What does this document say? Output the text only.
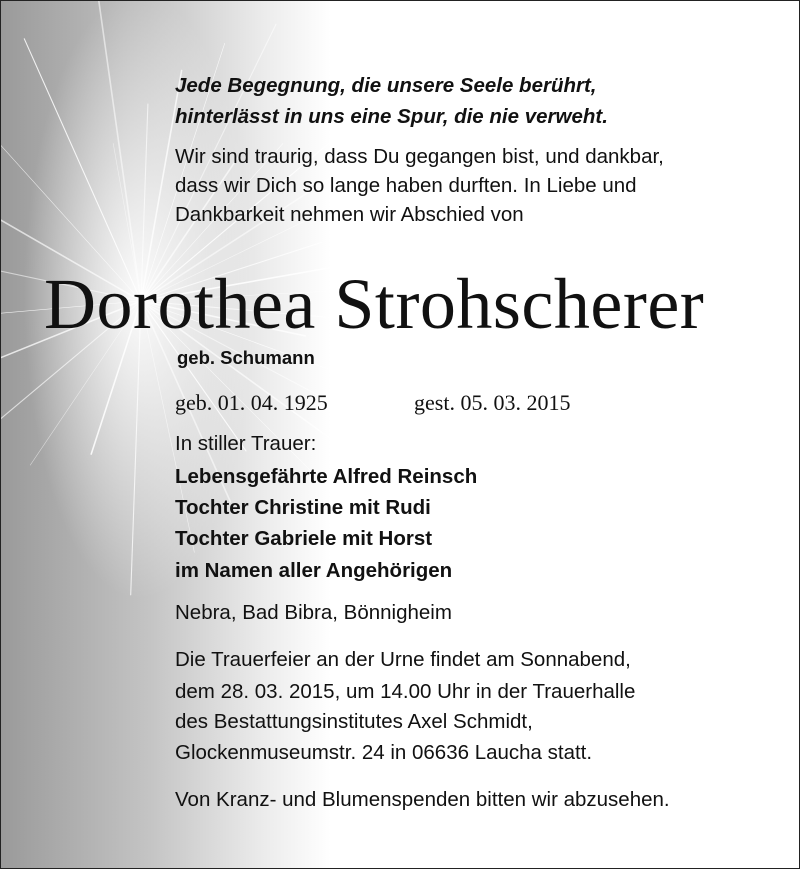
Jede Begegnung, die unsere Seele berührt,
hinterlässt in uns eine Spur, die nie verweht.
Wir sind traurig, dass Du gegangen bist, und dankbar,
dass wir Dich so lange haben durften. In Liebe und
Dankbarkeit nehmen wir Abschied von
Dorothea Strohscherer
geb. Schumann
geb. 01. 04. 1925	gest. 05. 03. 2015
In stiller Trauer:
Lebensgefährte Alfred Reinsch
Tochter Christine mit Rudi
Tochter Gabriele mit Horst
im Namen aller Angehörigen
Nebra, Bad Bibra, Bönnigheim
Die Trauerfeier an der Urne findet am Sonnabend,
dem 28. 03. 2015, um 14.00 Uhr in der Trauerhalle
des Bestattungsinstitutes Axel Schmidt,
Glockenmuseumstr. 24 in 06636 Laucha statt.
Von Kranz- und Blumenspenden bitten wir abzusehen.
